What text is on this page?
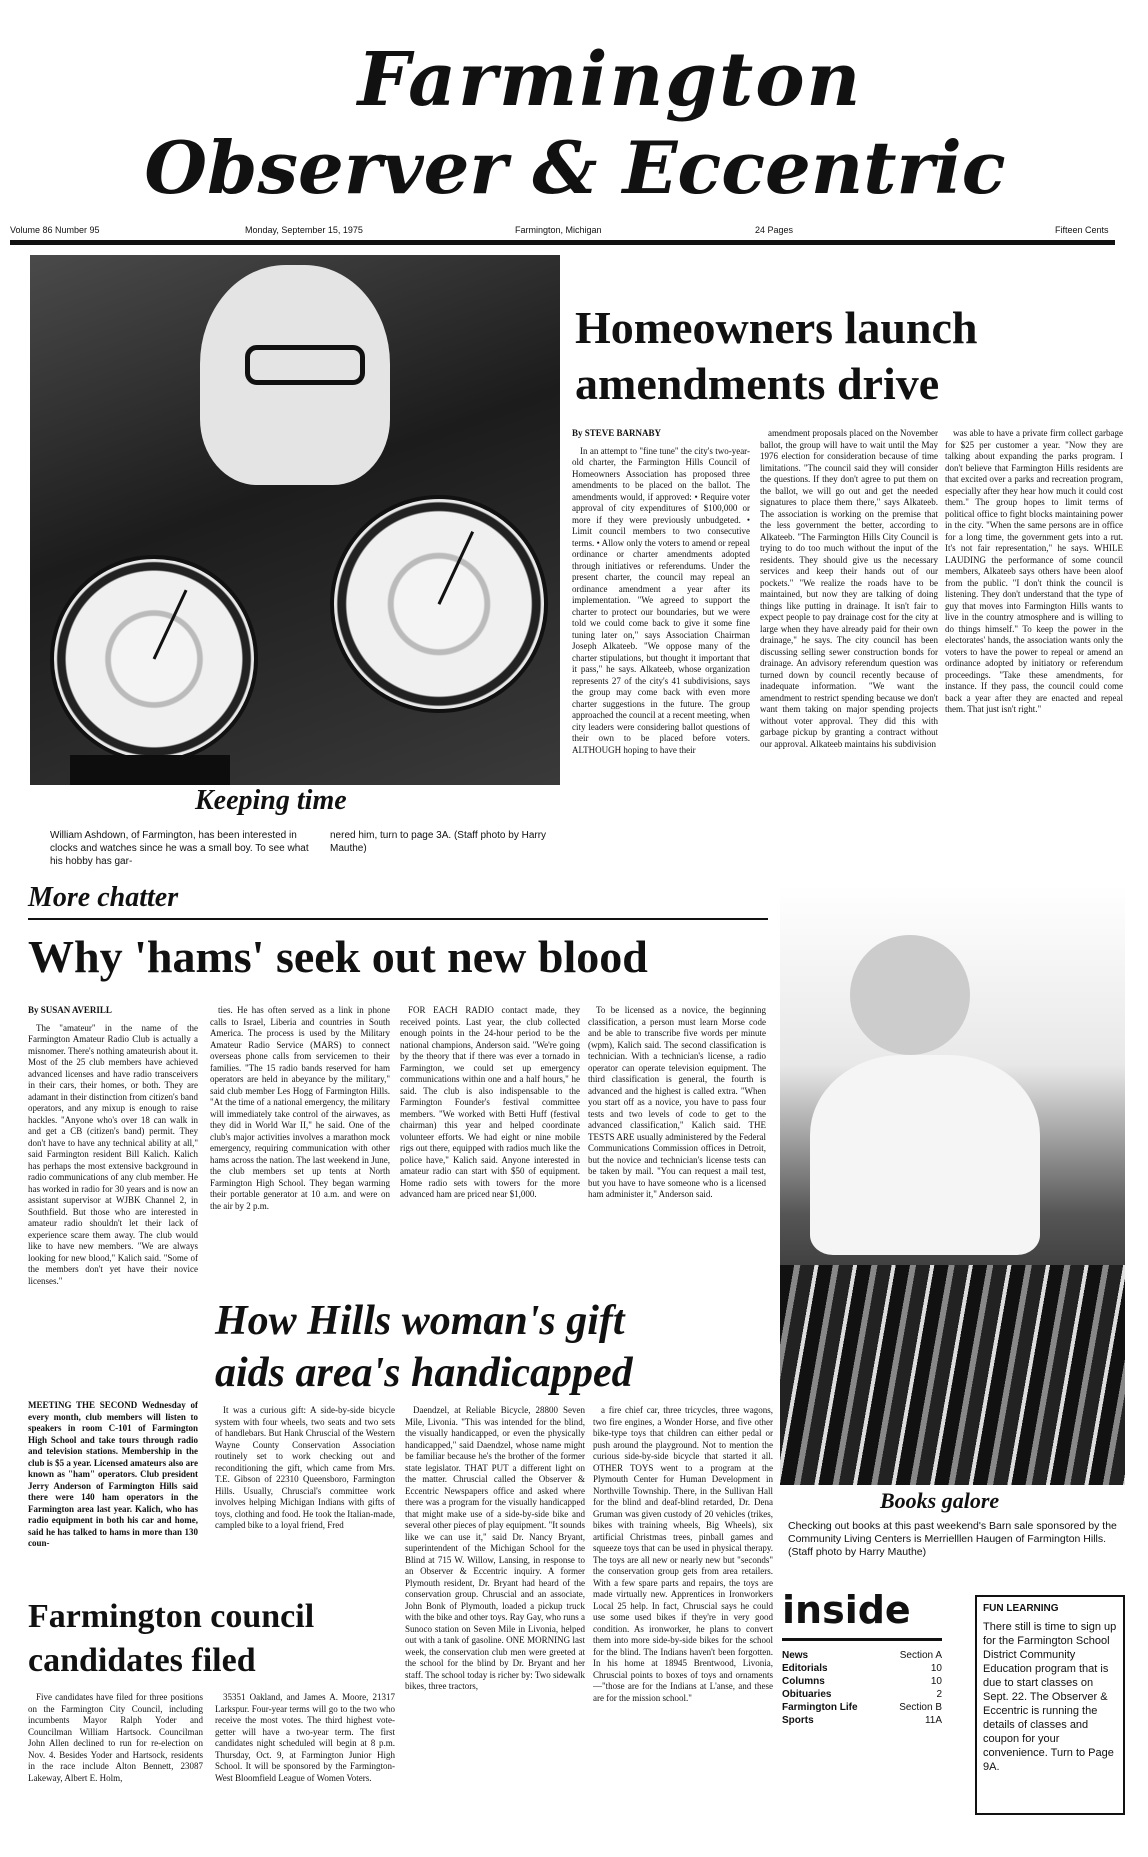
Farmington
Observer & Eccentric
Volume 86 Number 95	Monday, September 15, 1975	Farmington, Michigan	24 Pages	Fifteen Cents
Keeping time
William Ashdown, of Farmington, has been interested in clocks and watches since he was a small boy. To see what his hobby has gar-
nered him, turn to page 3A. (Staff photo by Harry Mauthe)
Homeowners launch
amendments drive

By STEVE BARNABY

In an attempt to "fine tune" the city's two-year-old charter, the Farmington Hills Council of Homeowners Association has proposed three amendments to be placed on the ballot. The amendments would, if approved: • Require voter approval of city expenditures of $100,000 or more if they were previously unbudgeted. • Limit council members to two consecutive terms. • Allow only the voters to amend or repeal ordinance or charter amendments adopted through initiatives or referendums. Under the present charter, the council may repeal an ordinance amendment a year after its implementation. "We agreed to support the charter to protect our boundaries, but we were told we could come back to give it some fine tuning later on," says Association Chairman Joseph Alkateeb. "We oppose many of the charter stipulations, but thought it important that it pass," he says. Alkateeb, whose organization represents 27 of the city's 41 subdivisions, says the group may come back with even more charter suggestions in the future. The group approached the council at a recent meeting, when city leaders were considering ballot questions of their own to be placed before voters. ALTHOUGH hoping to have their

amendment proposals placed on the November ballot, the group will have to wait until the May 1976 election for consideration because of time limitations. "The council said they will consider the questions. If they don't agree to put them on the ballot, we will go out and get the needed signatures to place them there," says Alkateeb. The association is working on the premise that the less government the better, according to Alkateeb. "The Farmington Hills City Council is trying to do too much without the input of the residents. They should give us the necessary services and keep their hands out of our pockets." "We realize the roads have to be maintained, but now they are talking of doing things like putting in drainage. It isn't fair to expect people to pay drainage cost for the city at large when they have already paid for their own drainage," he says. The city council has been discussing selling sewer construction bonds for drainage. An advisory referendum question was turned down by council recently because of inadequate information. "We want the amendment to restrict spending because we don't want them taking on major spending projects without voter approval. They did this with garbage pickup by granting a contract without our approval. Alkateeb maintains his subdivision

was able to have a private firm collect garbage for $25 per customer a year. "Now they are talking about expanding the parks program. I don't believe that Farmington Hills residents are that excited over a parks and recreation program, especially after they hear how much it could cost them." The group hopes to limit terms of political office to fight blocks maintaining power in the city. "When the same persons are in office for a long time, the government gets into a rut. It's not fair representation," he says. WHILE LAUDING the performance of some council members, Alkateeb says others have been aloof from the public. "I don't think the council is listening. They don't understand that the type of guy that moves into Farmington Hills wants to live in the country atmosphere and is willing to do things himself." To keep the power in the electorates' hands, the association wants only the voters to have the power to repeal or amend an ordinance adopted by initiatory or referendum proceedings. "Take these amendments, for instance. If they pass, the council could come back a year after they are enacted and repeal them. That just isn't right."

More chatter
Why 'hams' seek out new blood

By SUSAN AVERILL

The "amateur" in the name of the Farmington Amateur Radio Club is actually a misnomer. There's nothing amateurish about it. Most of the 25 club members have achieved advanced licenses and have radio transceivers in their cars, their homes, or both. They are adamant in their distinction from citizen's band operators, and any mixup is enough to raise hackles. "Anyone who's over 18 can walk in and get a CB (citizen's band) permit. They don't have to have any technical ability at all," said Farmington resident Bill Kalich. Kalich has perhaps the most extensive background in radio communications of any club member. He has worked in radio for 30 years and is now an assistant supervisor at WJBK Channel 2, in Southfield. But those who are interested in amateur radio shouldn't let their lack of experience scare them away. The club would like to have new members. "We are always looking for new blood," Kalich said. "Some of the members don't yet have their novice licenses."

ties. He has often served as a link in phone calls to Israel, Liberia and countries in South America. The process is used by the Military Amateur Radio Service (MARS) to connect overseas phone calls from servicemen to their families. "The 15 radio bands reserved for ham operators are held in abeyance by the military," said club member Les Hogg of Farmington Hills. "At the time of a national emergency, the military will immediately take control of the airwaves, as they did in World War II," he said. One of the club's major activities involves a marathon mock emergency, requiring communication with other hams across the nation. The last weekend in June, the club members set up tents at North Farmington High School. They began warming their portable generator at 10 a.m. and were on the air by 2 p.m.

FOR EACH RADIO contact made, they received points. Last year, the club collected enough points in the 24-hour period to be the national champions, Anderson said. "We're going by the theory that if there was ever a tornado in Farmington, we could set up emergency communications within one and a half hours," he said. The club is also indispensable to the Farmington Founder's festival committee members. "We worked with Betti Huff (festival chairman) this year and helped coordinate volunteer efforts. We had eight or nine mobile rigs out there, equipped with radios much like the police have," Kalich said. Anyone interested in amateur radio can start with $50 of equipment. Home radio sets with towers for the more advanced ham are priced near $1,000.

To be licensed as a novice, the beginning classification, a person must learn Morse code and be able to transcribe five words per minute (wpm), Kalich said. The second classification is technician. With a technician's license, a radio operator can operate television equipment. The third classification is general, the fourth is advanced and the highest is called extra. "When you start off as a novice, you have to pass four tests and two levels of code to get to the advanced classification," Kalich said. THE TESTS ARE usually administered by the Federal Communications Commission offices in Detroit, but the novice and technician's license tests can be taken by mail. "You can request a mail test, but you have to have someone who is a licensed ham administer it," Anderson said.

MEETING THE SECOND Wednesday of every month, club members will listen to speakers in room C-101 of Farmington High School and take tours through radio and television stations. Membership in the club is $5 a year. Licensed amateurs also are known as "ham" operators. Club president Jerry Anderson of Farmington Hills said there were 140 ham operators in the Farmington area last year. Kalich, who has radio equipment in both his car and home, said he has talked to hams in more than 130 coun-

Books galore
Checking out books at this past weekend's Barn sale sponsored by the Community Living Centers is Merrielllen Haugen of Farmington Hills.(Staff photo by Harry Mauthe)
How Hills woman's gift
aids area's handicapped

It was a curious gift: A side-by-side bicycle system with four wheels, two seats and two sets of handlebars. But Hank Chruscial of the Western Wayne County Conservation Association routinely set to work checking out and reconditioning the gift, which came from Mrs. T.E. Gibson of 22310 Queensboro, Farmington Hills. Usually, Chruscial's committee work involves helping Michigan Indians with gifts of toys, clothing and food. He took the Italian-made, campled bike to a loyal friend, Fred

Daendzel, at Reliable Bicycle, 28800 Seven Mile, Livonia. "This was intended for the blind, the visually handicapped, or even the physically handicapped," said Daendzel, whose name might be familiar because he's the brother of the former state legislator. THAT PUT a different light on the matter. Chruscial called the Observer & Eccentric Newspapers office and asked where there was a program for the visually handicapped that might make use of a side-by-side bike and several other pieces of play equipment. "It sounds like we can use it," said Dr. Nancy Bryant, superintendent of the Michigan School for the Blind at 715 W. Willow, Lansing, in response to an Observer & Eccentric inquiry. A former Plymouth resident, Dr. Bryant had heard of the conservation group. Chruscial and an associate, John Bonk of Plymouth, loaded a pickup truck with the bike and other toys. Ray Gay, who runs a Sunoco station on Seven Mile in Livonia, helped out with a tank of gasoline. ONE MORNING last week, the conservation club men were greeted at the school for the blind by Dr. Bryant and her staff. The school today is richer by: Two sidewalk bikes, three tractors,

a fire chief car, three tricycles, three wagons, two fire engines, a Wonder Horse, and five other bike-type toys that children can either pedal or push around the playground. Not to mention the curious side-by-side bicycle that started it all. OTHER TOYS went to a program at the Plymouth Center for Human Development in Northville Township. There, in the Sullivan Hall for the blind and deaf-blind retarded, Dr. Dena Gruman was given custody of 20 vehicles (trikes, bikes with training wheels, Big Wheels), six artificial Christmas trees, pinball games and squeeze toys that can be used in physical therapy. The toys are all new or nearly new but "seconds" the conservation group gets from area retailers. With a few spare parts and repairs, the toys are made virtually new. Apprentices in Ironworkers Local 25 help. In fact, Chruscial says he could use some used bikes if they're in very good condition. As ironworker, he plans to convert them into more side-by-side bikes for the school for the blind. The Indians haven't been forgotten. In his home at 18945 Brentwood, Livonia, Chruscial points to boxes of toys and ornaments—"those are for the Indians at L'anse, and these are for the mission school."

Farmington council
candidates filed

Five candidates have filed for three positions on the Farmington City Council, including incumbents Mayor Ralph Yoder and Councilman William Hartsock. Councilman John Allen declined to run for re-election on Nov. 4. Besides Yoder and Hartsock, residents in the race include Alton Bennett, 23087 Lakeway, Albert E. Holm,

35351 Oakland, and James A. Moore, 21317 Larkspur. Four-year terms will go to the two who receive the most votes. The third highest vote-getter will have a two-year term. The first candidates night scheduled will begin at 8 p.m. Thursday, Oct. 9, at Farmington Junior High School. It will be sponsored by the Farmington-West Bloomfield League of Women Voters.

inside
News	Section A
Editorials	10
Columns	10
Obituaries	2
Farmington Life	Section B
Sports	11A
FUN LEARNING
There still is time to sign up for the Farmington School District Community Education program that is due to start classes on Sept. 22. The Observer & Eccentric is running the details of classes and coupon for your convenience. Turn to Page 9A.
